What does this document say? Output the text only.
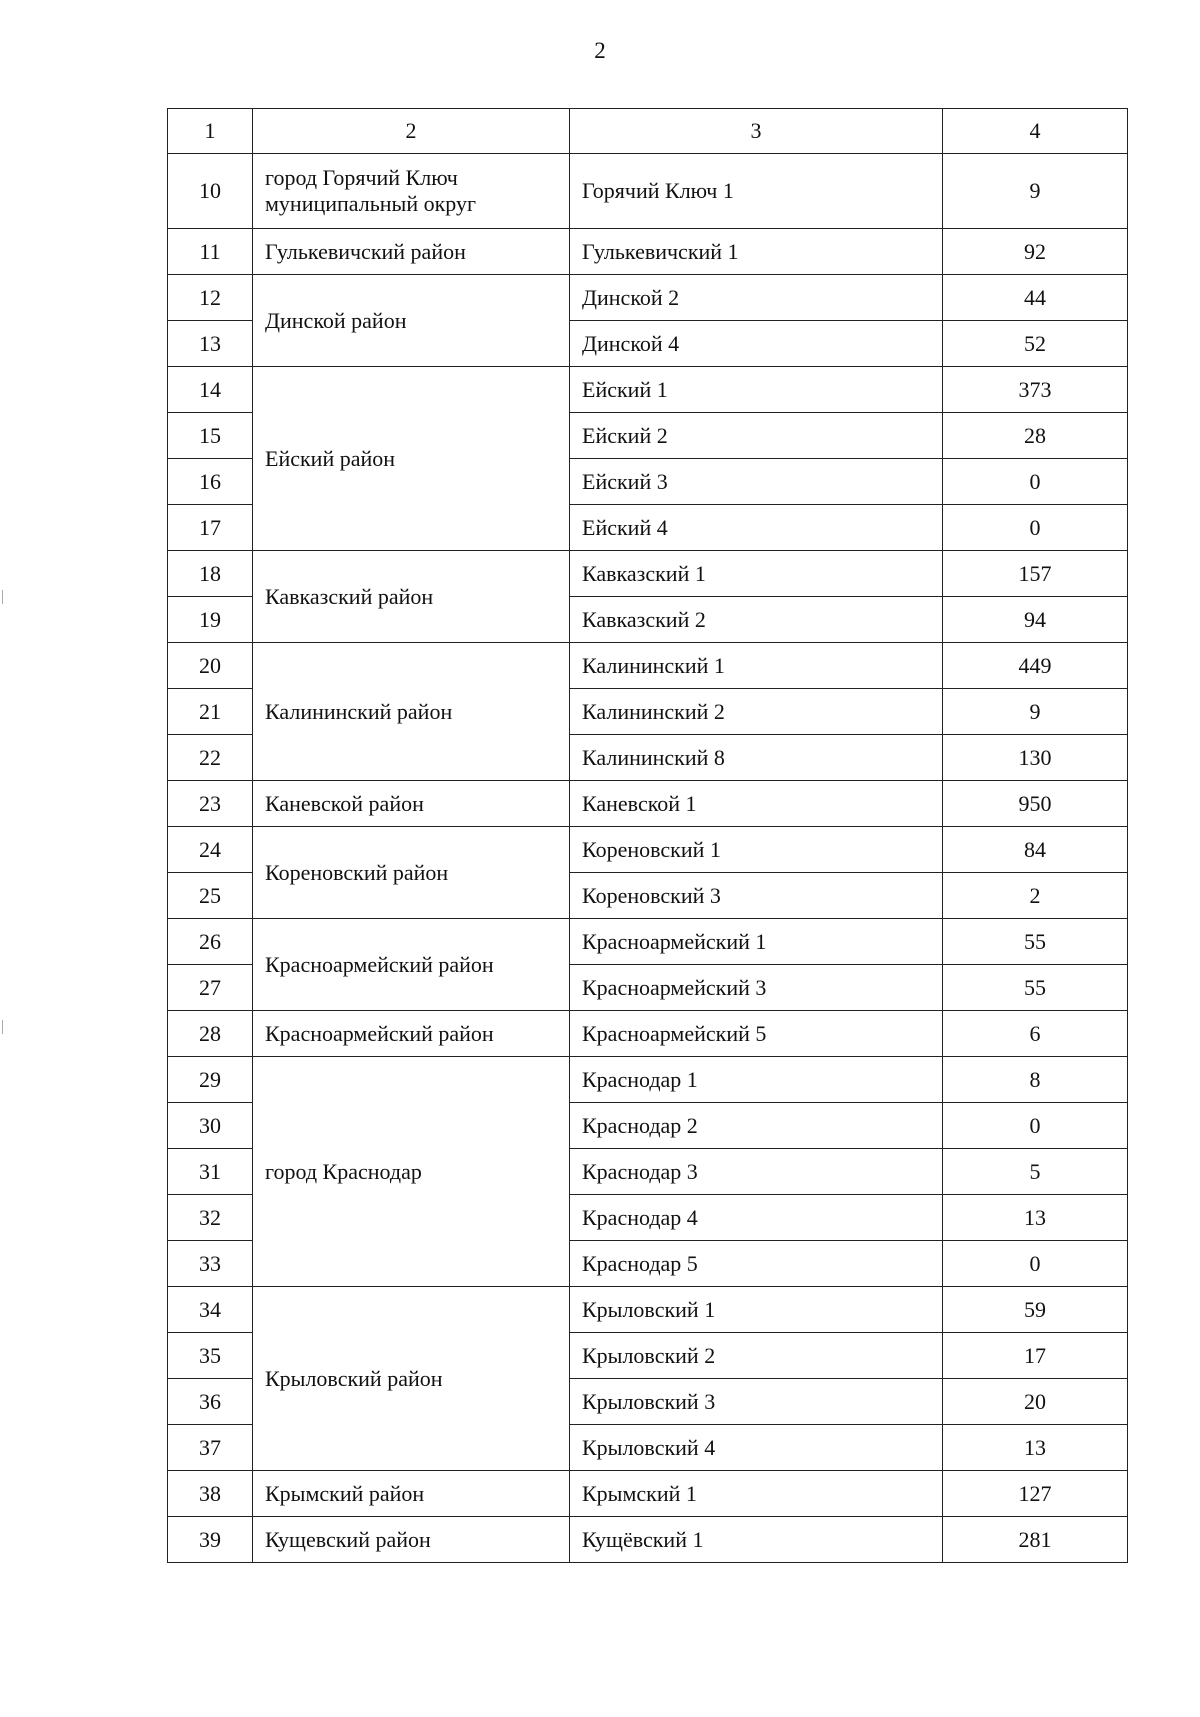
2
1	2	3	4
10	город Горячий Ключ муниципальный округ	Горячий Ключ 1	9
11	Гулькевичский район	Гулькевичский 1	92
12	Динской район	Динской 2	44
13		Динской 4	52
14	Ейский район	Ейский 1	373
15		Ейский 2	28
16		Ейский 3	0
17		Ейский 4	0
18	Кавказский район	Кавказский 1	157
19		Кавказский 2	94
20	Калининский район	Калининский 1	449
21		Калининский 2	9
22		Калининский 8	130
23	Каневской район	Каневской 1	950
24	Кореновский район	Кореновский 1	84
25		Кореновский 3	2
26	Красноармейский район	Красноармейский 1	55
27		Красноармейский 3	55
28	Красноармейский район	Красноармейский 5	6
29	город Краснодар	Краснодар 1	8
30		Краснодар 2	0
31		Краснодар 3	5
32		Краснодар 4	13
33		Краснодар 5	0
34	Крыловский район	Крыловский 1	59
35		Крыловский 2	17
36		Крыловский 3	20
37		Крыловский 4	13
38	Крымский район	Крымский 1	127
39	Кущевский район	Кущёвский 1	281
